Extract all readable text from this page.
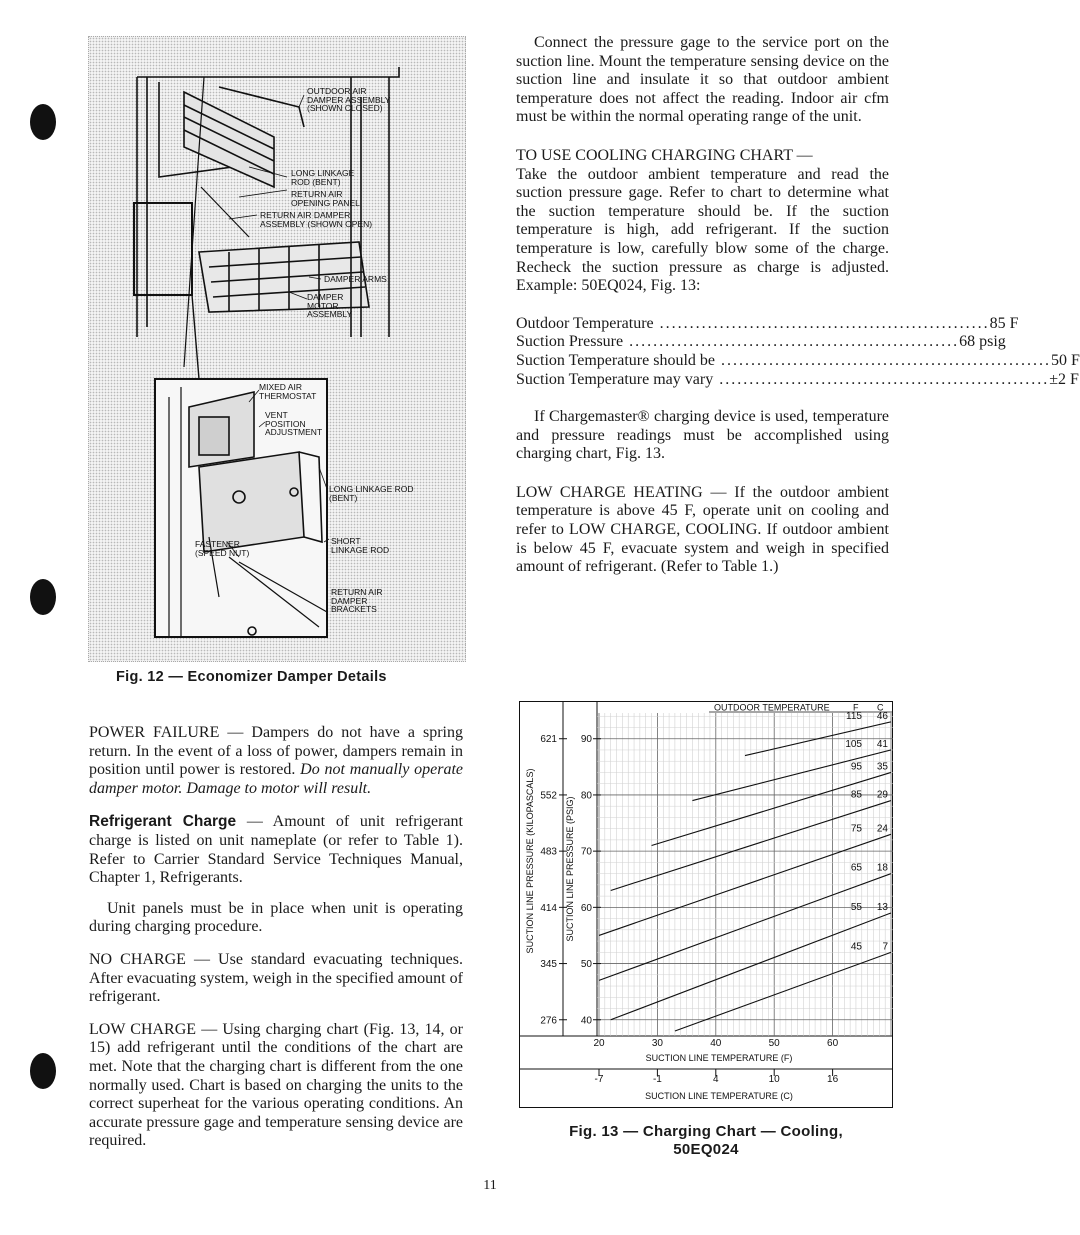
OUTDOOR AIR
DAMPER ASSEMBLY
(SHOWN CLOSED)
LONG LINKAGE
ROD (BENT)
RETURN AIR
OPENING PANEL
RETURN AIR DAMPER
ASSEMBLY (SHOWN OPEN)
DAMPER ARMS
DAMPER
MOTOR
ASSEMBLY
MIXED AIR
THERMOSTAT
VENT
POSITION
ADJUSTMENT
LONG LINKAGE ROD
(BENT)
FASTENER
(SPEED NUT)
SHORT
LINKAGE ROD
RETURN AIR
DAMPER
BRACKETS
Fig. 12 — Economizer Damper Details

POWER FAILURE — Dampers do not have a spring return. In the event of a loss of power, dampers remain in position until power is restored. Do not manually operate damper motor. Damage to motor will result.

Refrigerant Charge — Amount of unit refrigerant charge is listed on unit nameplate (or refer to Table 1). Refer to Carrier Standard Service Techniques Manual, Chapter 1, Refrigerants.

Unit panels must be in place when unit is operating during charging procedure.

NO CHARGE — Use standard evacuating techniques. After evacuating system, weigh in the specified amount of refrigerant.

LOW CHARGE — Using charging chart (Fig. 13, 14, or 15) add refrigerant until the conditions of the chart are met. Note that the charging chart is different from the one normally used. Chart is based on charging the units to the correct superheat for the various operating conditions. An accurate pressure gage and temperature sensing device are required.

Connect the pressure gage to the service port on the suction line. Mount the temperature sensing device on the suction line and insulate it so that outdoor ambient temperature does not affect the reading. Indoor air cfm must be within the normal operating range of the unit.

TO USE COOLING CHARGING CHART —

Take the outdoor ambient temperature and read the suction pressure gage. Refer to chart to determine what the suction temperature should be. If the suction temperature is high, add refrigerant. If the suction temperature is low, carefully blow some of the charge. Recheck the suction pressure as charge is adjusted. Example: 50EQ024, Fig. 13:

Outdoor Temperature ....................................................... 85 F
Suction Pressure ....................................................... 68 psig
Suction Temperature should be ....................................................... 50 F
Suction Temperature may vary ....................................................... ±2 F

If Chargemaster® charging device is used, temperature and pressure readings must be accomplished using charging chart, Fig. 13.

LOW CHARGE HEATING — If the outdoor ambient temperature is above 45 F, operate unit on cooling and refer to LOW CHARGE, COOLING. If outdoor ambient is below 45 F, evacuate system and weigh in specified amount of refrigerant. (Refer to Table 1.)

OUTDOOR TEMPERATURE	F C
SUCTION LINE PRESSURE (KILOPASCALS)	SUCTION LINE PRESSURE (PSIG)
SUCTION LINE TEMPERATURE (F)
SUCTION LINE TEMPERATURE (C)
40
276
50
345
60
414
70
483
80
552
90
621
20	30	40	50	60
-7	-1	4	10	16
115 46
105 41
95 35
85 29
75 24
65 18
55 13
45 7
Fig. 13 — Charging Chart — Cooling,
50EQ024
11
